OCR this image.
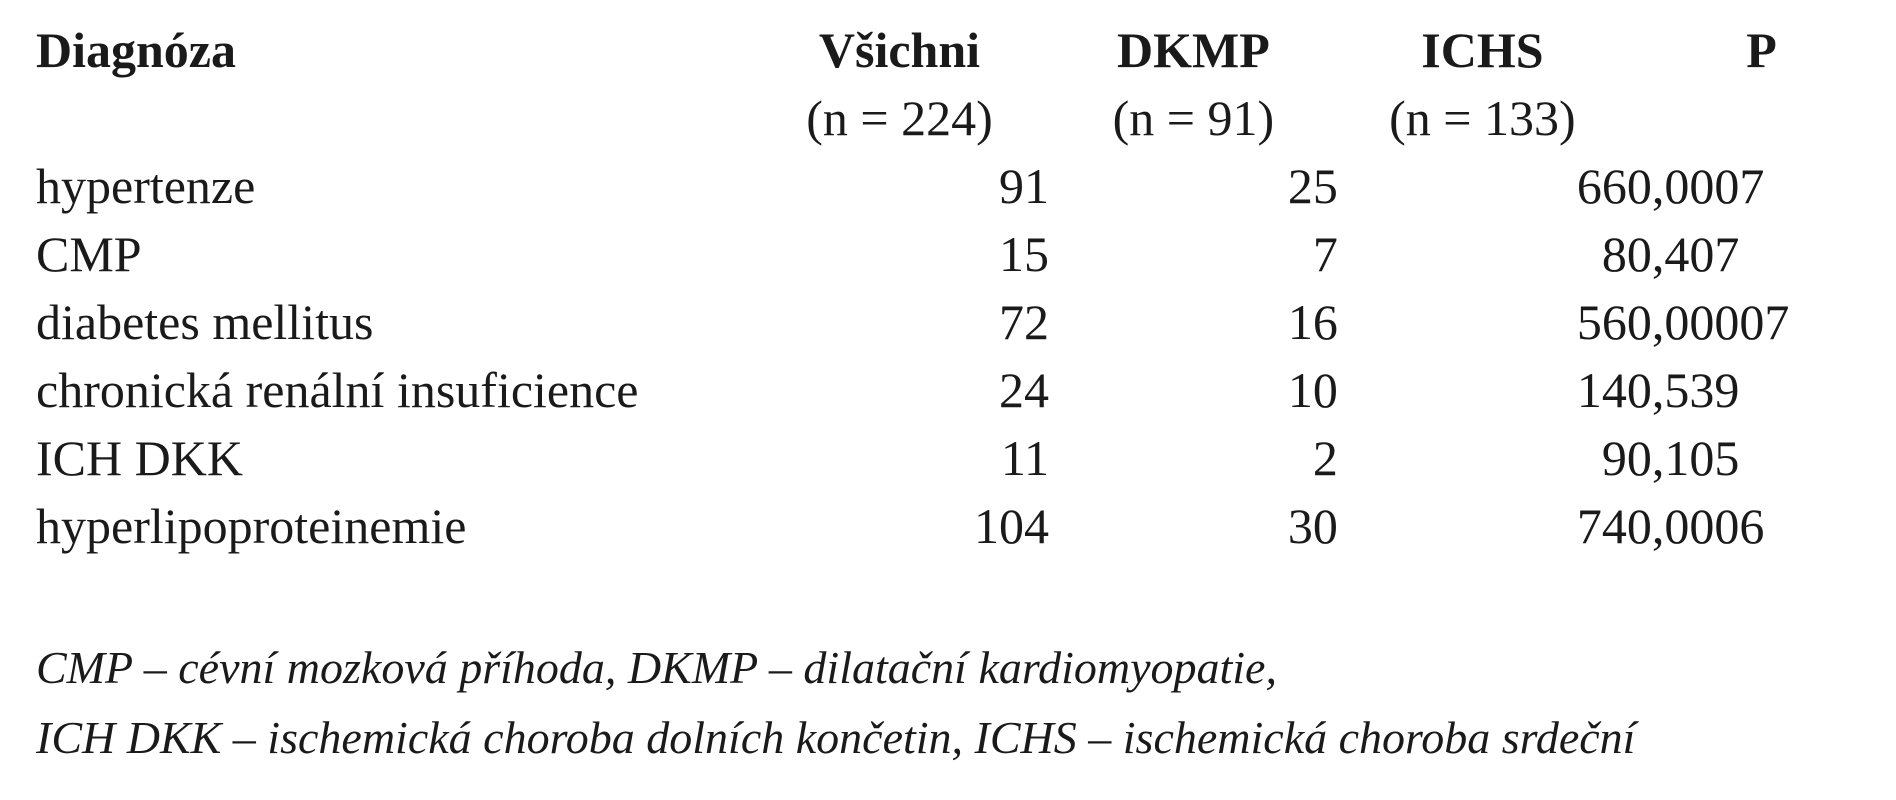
Diagnóza	Všichni	DKMP	ICHS	P
	(n = 224)	(n = 91)	(n = 133)	
hypertenze	91	25	66	0,0007
CMP	15	7	8	0,407
diabetes mellitus	72	16	56	0,00007
chronická renální insuficience	24	10	14	0,539
ICH DKK	11	2	9	0,105
hyperlipoproteinemie	104	30	74	0,0006
CMP – cévní mozková příhoda, DKMP – dilatační kardiomyopatie,
ICH DKK – ischemická choroba dolních končetin, ICHS – ischemická choroba srdeční
